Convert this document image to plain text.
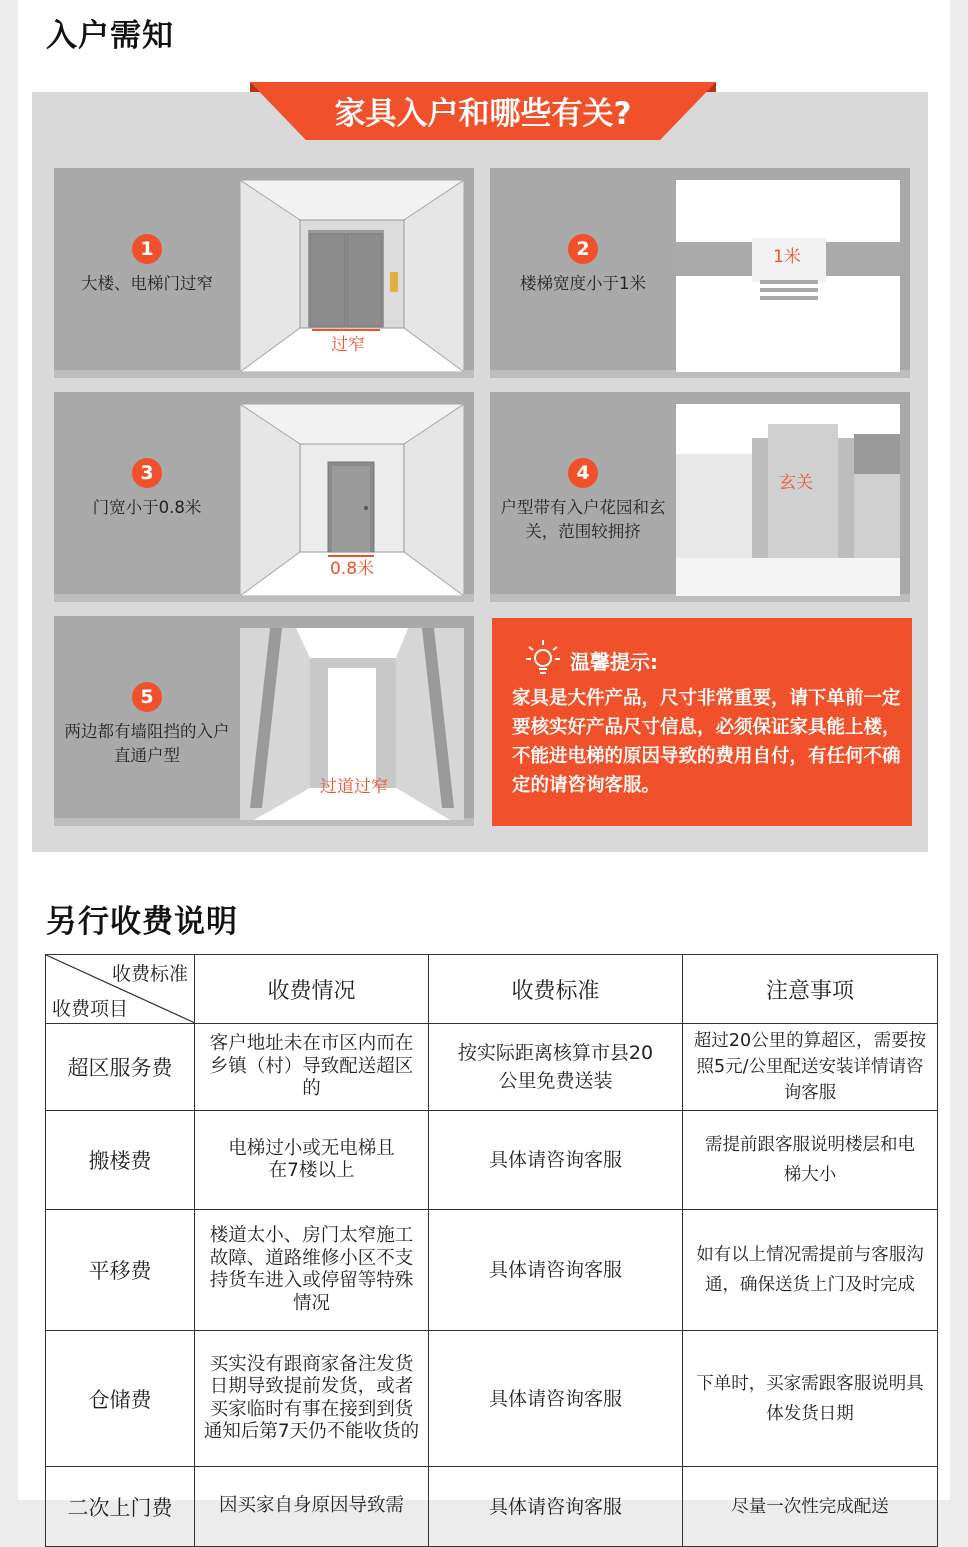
入户需知
家具入户和哪些有关?
1
大楼、电梯门过窄
过窄
2
楼梯宽度小于1米
1米
3
门宽小于0.8米
0.8米
4
户型带有入户花园和玄关，范围较拥挤
玄关
5
两边都有墙阻挡的入户直通户型
过道过窄
温馨提示:
家具是大件产品，尺寸非常重要，请下单前一定要核实好产品尺寸信息，必须保证家具能上楼，不能进电梯的原因导致的费用自付，有任何不确定的请咨询客服。
另行收费说明
收费标准
收费项目	收费情况	收费标准	注意事项
超区服务费	客户地址未在市区内而在乡镇（村）导致配送超区的	按实际距离核算市县20公里免费送装	超过20公里的算超区，需要按照5元/公里配送安装详情请咨询客服
搬楼费	电梯过小或无电梯且在7楼以上	具体请咨询客服	需提前跟客服说明楼层和电梯大小
平移费	楼道太小、房门太窄施工故障、道路维修小区不支持货车进入或停留等特殊情况	具体请咨询客服	如有以上情况需提前与客服沟通，确保送货上门及时完成
仓储费	买实没有跟商家备注发货日期导致提前发货，或者买家临时有事在接到到货通知后第7天仍不能收货的	具体请咨询客服	下单时，买家需跟客服说明具体发货日期
二次上门费	因买家自身原因导致需	具体请咨询客服	尽量一次性完成配送
